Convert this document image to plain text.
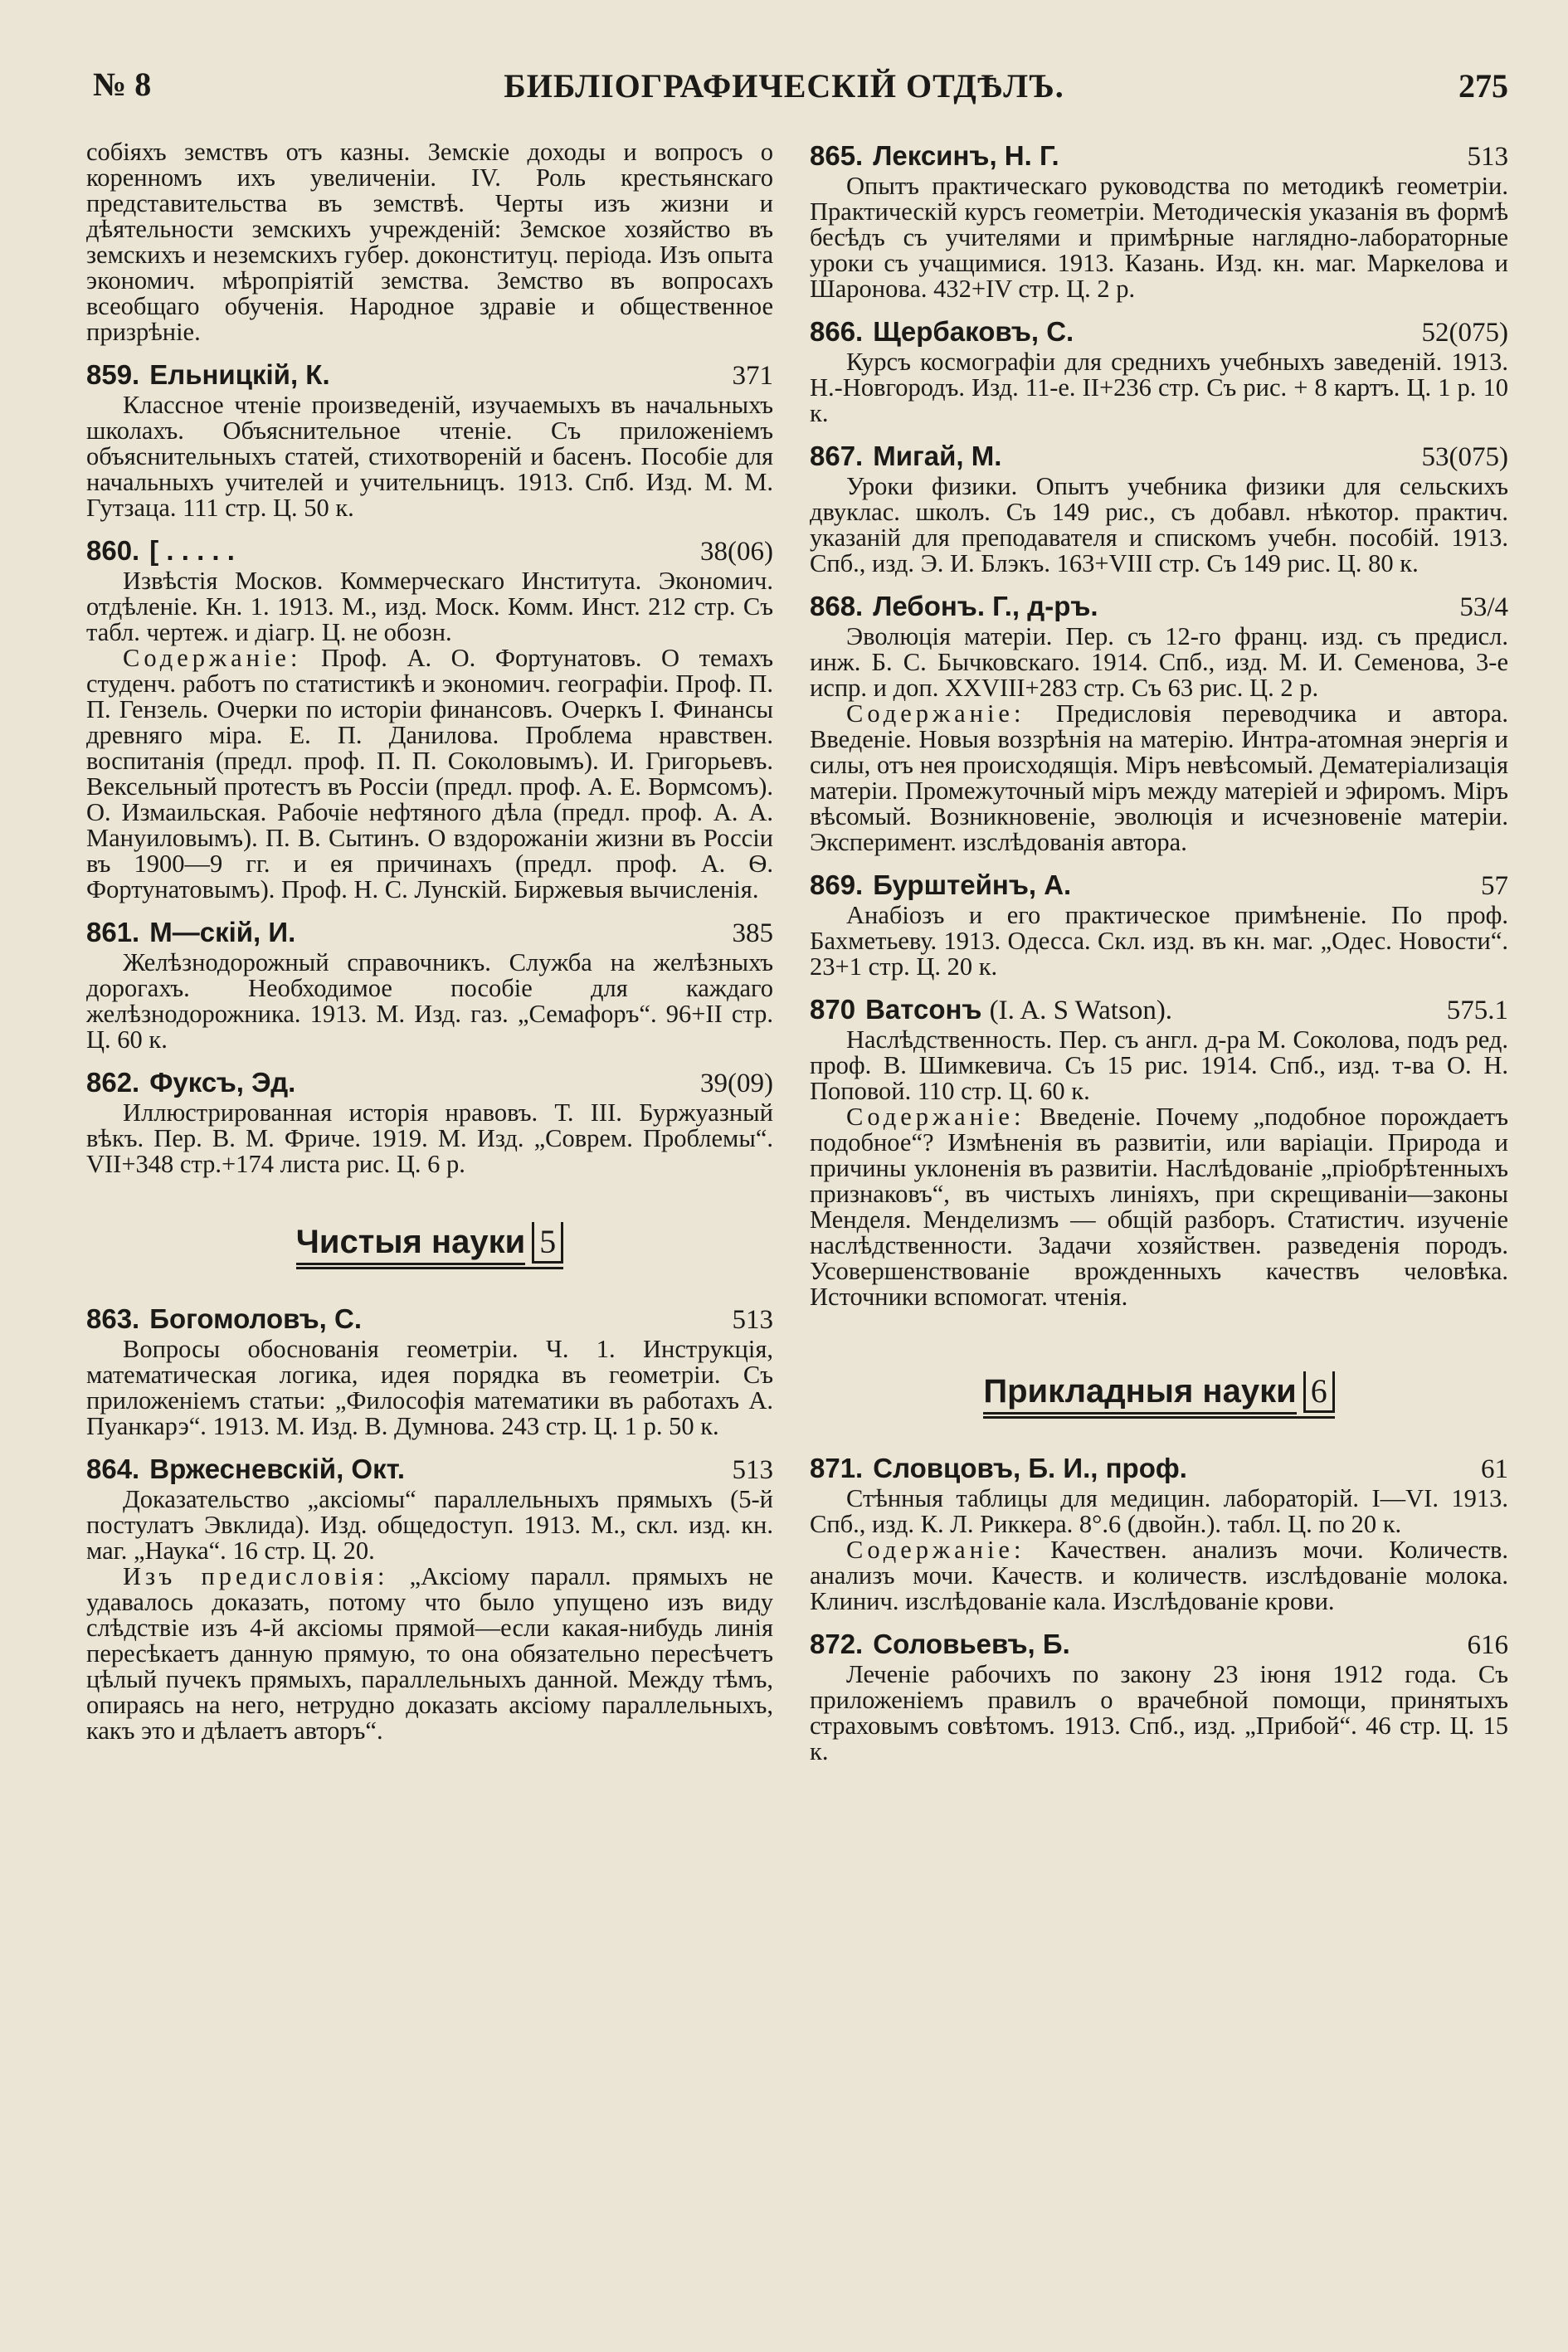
№ 8	БИБЛІОГРАФИЧЕСКІЙ ОТДѢЛЪ.	275

собіяхъ земствъ отъ казны. Земскіе доходы и вопросъ о коренномъ ихъ увеличеніи. IV. Роль крестьянскаго представительства въ земствѣ. Черты изъ жизни и дѣятельности земскихъ учрежденій: Земское хозяйство въ земскихъ и неземскихъ губер. доконституц. періода. Изъ опыта экономич. мѣропріятій земства. Земство въ вопросахъ всеобщаго обученія. Народное здравіе и общественное призрѣніе.

859. Ельницкій, К.	371

Классное чтеніе произведеній, изучаемыхъ въ начальныхъ школахъ. Объяснительное чтеніе. Съ приложеніемъ объяснительныхъ статей, стихотвореній и басенъ. Пособіе для начальныхъ учителей и учительницъ. 1913. Спб. Изд. М. М. Гутзаца. 111 стр. Ц. 50 к.

860. [ . . . . .	38(06)

Извѣстія Москов. Коммерческаго Института. Экономич. отдѣленіе. Кн. 1. 1913. М., изд. Моск. Комм. Инст. 212 стр. Съ табл. чертеж. и діагр. Ц. не обозн.

Содержаніе: Проф. А. О. Фортунатовъ. О темахъ студенч. работъ по статистикѣ и экономич. географіи. Проф. П. П. Гензель. Очерки по исторіи финансовъ. Очеркъ I. Финансы древняго міра. Е. П. Данилова. Проблема нравствен. воспитанія (предл. проф. П. П. Соколовымъ). И. Григорьевъ. Вексельный протестъ въ Россіи (предл. проф. А. Е. Вормсомъ). О. Измаильская. Рабочіе нефтяного дѣла (предл. проф. А. А. Мануиловымъ). П. В. Сытинъ. О вздорожаніи жизни въ Россіи въ 1900—9 гг. и ея причинахъ (предл. проф. А. Ѳ. Фортунатовымъ). Проф. Н. С. Лунскій. Биржевыя вычисленія.

861. М—скій, И.	385

Желѣзнодорожный справочникъ. Служба на желѣзныхъ дорогахъ. Необходимое пособіе для каждаго желѣзнодорожника. 1913. М. Изд. газ. „Семафоръ“. 96+II стр. Ц. 60 к.

862. Фуксъ, Эд.	39(09)

Иллюстрированная исторія нравовъ. Т. III. Буржуазный вѣкъ. Пер. В. М. Фриче. 1919. М. Изд. „Соврем. Проблемы“. VII+348 стр.+174 листа рис. Ц. 6 р.

Чистыя науки 5
863. Богомоловъ, С.	513

Вопросы обоснованія геометріи. Ч. 1. Инструкція, математическая логика, идея порядка въ геометріи. Съ приложеніемъ статьи: „Философія математики въ работахъ А. Пуанкарэ“. 1913. М. Изд. В. Думнова. 243 стр. Ц. 1 р. 50 к.

864. Вржесневскій, Окт.	513

Доказательство „аксіомы“ параллельныхъ прямыхъ (5-й постулатъ Эвклида). Изд. общедоступ. 1913. М., скл. изд. кн. маг. „Наука“. 16 стр. Ц. 20.

Изъ предисловія: „Аксіому паралл. прямыхъ не удавалось доказать, потому что было упущено изъ виду слѣдствіе изъ 4-й аксіомы прямой—если какая-нибудь линія пересѣкаетъ данную прямую, то она обязательно пересѣчетъ цѣлый пучекъ прямыхъ, параллельныхъ данной. Между тѣмъ, опираясь на него, нетрудно доказать аксіому параллельныхъ, какъ это и дѣлаетъ авторъ“.

865. Лексинъ, Н. Г.	513

Опытъ практическаго руководства по методикѣ геометріи. Практическій курсъ геометріи. Методическія указанія въ формѣ бесѣдъ съ учителями и примѣрные наглядно-лабораторные уроки съ учащимися. 1913. Казань. Изд. кн. маг. Маркелова и Шаронова. 432+IV стр. Ц. 2 р.

866. Щербаковъ, С.	52(075)

Курсъ космографіи для среднихъ учебныхъ заведеній. 1913. Н.-Новгородъ. Изд. 11-е. II+236 стр. Съ рис. + 8 картъ. Ц. 1 р. 10 к.

867. Мигай, М.	53(075)

Уроки физики. Опытъ учебника физики для сельскихъ двуклас. школъ. Съ 149 рис., съ добавл. нѣкотор. практич. указаній для преподавателя и спискомъ учебн. пособій. 1913. Спб., изд. Э. И. Блэкъ. 163+VIII стр. Съ 149 рис. Ц. 80 к.

868. Лебонъ. Г., д-ръ.	53/4

Эволюція матеріи. Пер. съ 12-го франц. изд. съ предисл. инж. Б. С. Бычковскаго. 1914. Спб., изд. М. И. Семенова, 3-е испр. и доп. XXVIII+283 стр. Съ 63 рис. Ц. 2 р.

Содержаніе: Предисловія переводчика и автора. Введеніе. Новыя воззрѣнія на матерію. Интра-атомная энергія и силы, отъ нея происходящія. Міръ невѣсомый. Дематеріализація матеріи. Промежуточный міръ между матеріей и эфиромъ. Міръ вѣсомый. Возникновеніе, эволюція и исчезновеніе матеріи. Эксперимент. изслѣдованія автора.

869. Бурштейнъ, А.	57

Анабіозъ и его практическое примѣненіе. По проф. Бахметьеву. 1913. Одесса. Скл. изд. въ кн. маг. „Одес. Новости“. 23+1 стр. Ц. 20 к.

870 Ватсонъ (I. A. S Watson).	575.1

Наслѣдственность. Пер. съ англ. д-ра М. Соколова, подъ ред. проф. В. Шимкевича. Съ 15 рис. 1914. Спб., изд. т-ва О. Н. Поповой. 110 стр. Ц. 60 к.

Содержаніе: Введеніе. Почему „подобное порождаетъ подобное“? Измѣненія въ развитіи, или варіаціи. Природа и причины уклоненія въ развитіи. Наслѣдованіе „пріобрѣтенныхъ признаковъ“, въ чистыхъ линіяхъ, при скрещиваніи—законы Менделя. Менделизмъ — общій разборъ. Статистич. изученіе наслѣдственности. Задачи хозяйствен. разведенія породъ. Усовершенствованіе врожденныхъ качествъ человѣка. Источники вспомогат. чтенія.

Прикладныя науки 6
871. Словцовъ, Б. И., проф.	61

Стѣнныя таблицы для медицин. лабораторій. I—VI. 1913. Спб., изд. К. Л. Риккера. 8°.6 (двойн.). табл. Ц. по 20 к.

Содержаніе: Качествен. анализъ мочи. Количеств. анализъ мочи. Качеств. и количеств. изслѣдованіе молока. Клинич. изслѣдованіе кала. Изслѣдованіе крови.

872. Соловьевъ, Б.	616

Леченіе рабочихъ по закону 23 іюня 1912 года. Съ приложеніемъ правилъ о врачебной помощи, принятыхъ страховымъ совѣтомъ. 1913. Спб., изд. „Прибой“. 46 стр. Ц. 15 к.
